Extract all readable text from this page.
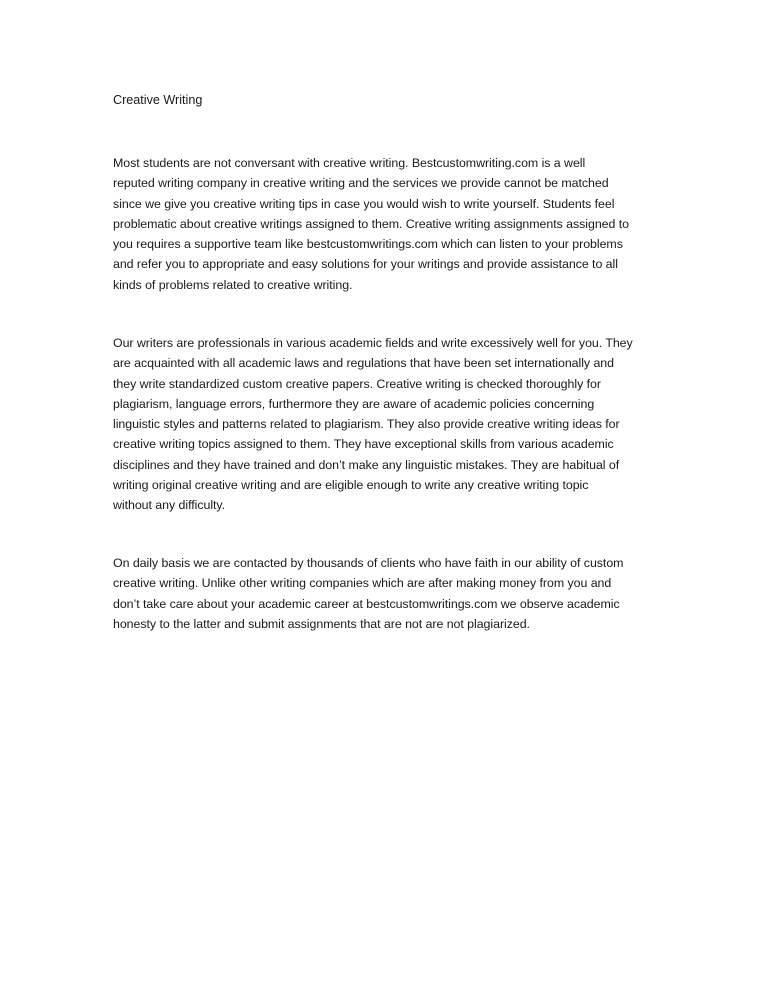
Creative Writing
Most students are not conversant with creative writing. Bestcustomwriting.com is a well
reputed writing company in creative writing and the services we provide cannot be matched
since we give you creative writing tips in case you would wish to write yourself. Students feel
problematic about creative writings assigned to them. Creative writing assignments assigned to
you requires a supportive team like bestcustomwritings.com which can listen to your problems
and refer you to appropriate and easy solutions for your writings and provide assistance to all
kinds of problems related to creative writing.
Our writers are professionals in various academic fields and write excessively well for you. They
are acquainted with all academic laws and regulations that have been set internationally and
they write standardized custom creative papers. Creative writing is checked thoroughly for
plagiarism, language errors, furthermore they are aware of academic policies concerning
linguistic styles and patterns related to plagiarism. They also provide creative writing ideas for
creative writing topics assigned to them. They have exceptional skills from various academic
disciplines and they have trained and don’t make any linguistic mistakes. They are habitual of
writing original creative writing and are eligible enough to write any creative writing topic
without any difficulty.
On daily basis we are contacted by thousands of clients who have faith in our ability of custom
creative writing. Unlike other writing companies which are after making money from you and
don’t take care about your academic career at bestcustomwritings.com we observe academic
honesty to the latter and submit assignments that are not are not plagiarized.
